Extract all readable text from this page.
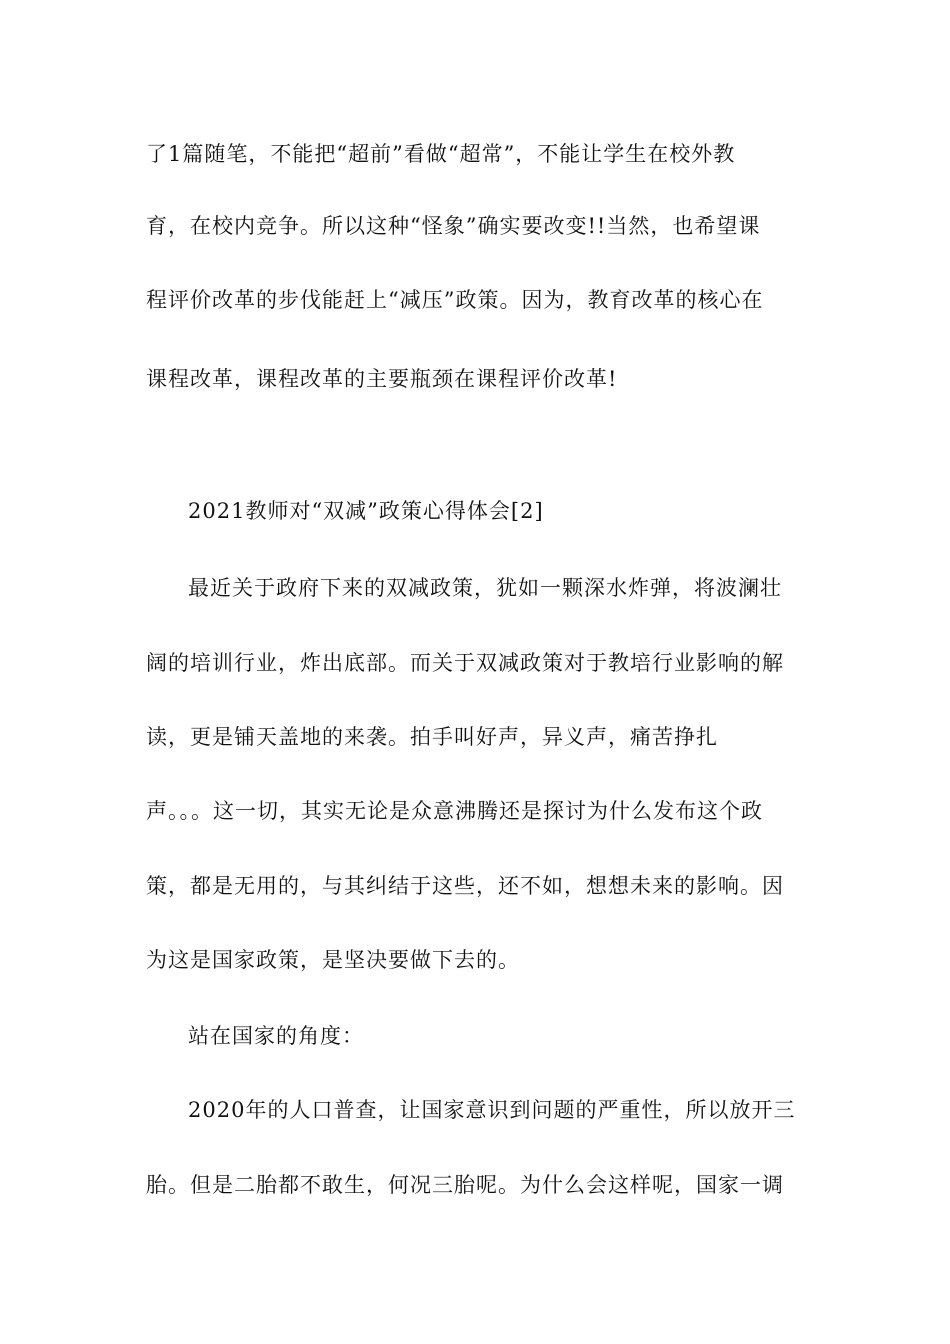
了1篇随笔，不能把“超前”看做“超常”，不能让学生在校外教
育，在校内竞争。所以这种“怪象”确实要改变!!当然，也希望课
程评价改革的步伐能赶上“减压”政策。因为，教育改革的核心在
课程改革，课程改革的主要瓶颈在课程评价改革!
2021教师对“双减”政策心得体会[2]
最近关于政府下来的双减政策，犹如一颗深水炸弹，将波澜壮
阔的培训行业，炸出底部。而关于双减政策对于教培行业影响的解
读，更是铺天盖地的来袭。拍手叫好声，异义声，痛苦挣扎
声。。。这一切，其实无论是众意沸腾还是探讨为什么发布这个政
策，都是无用的，与其纠结于这些，还不如，想想未来的影响。因
为这是国家政策，是坚决要做下去的。
站在国家的角度：
2020年的人口普查，让国家意识到问题的严重性，所以放开三
胎。但是二胎都不敢生，何况三胎呢。为什么会这样呢，国家一调
